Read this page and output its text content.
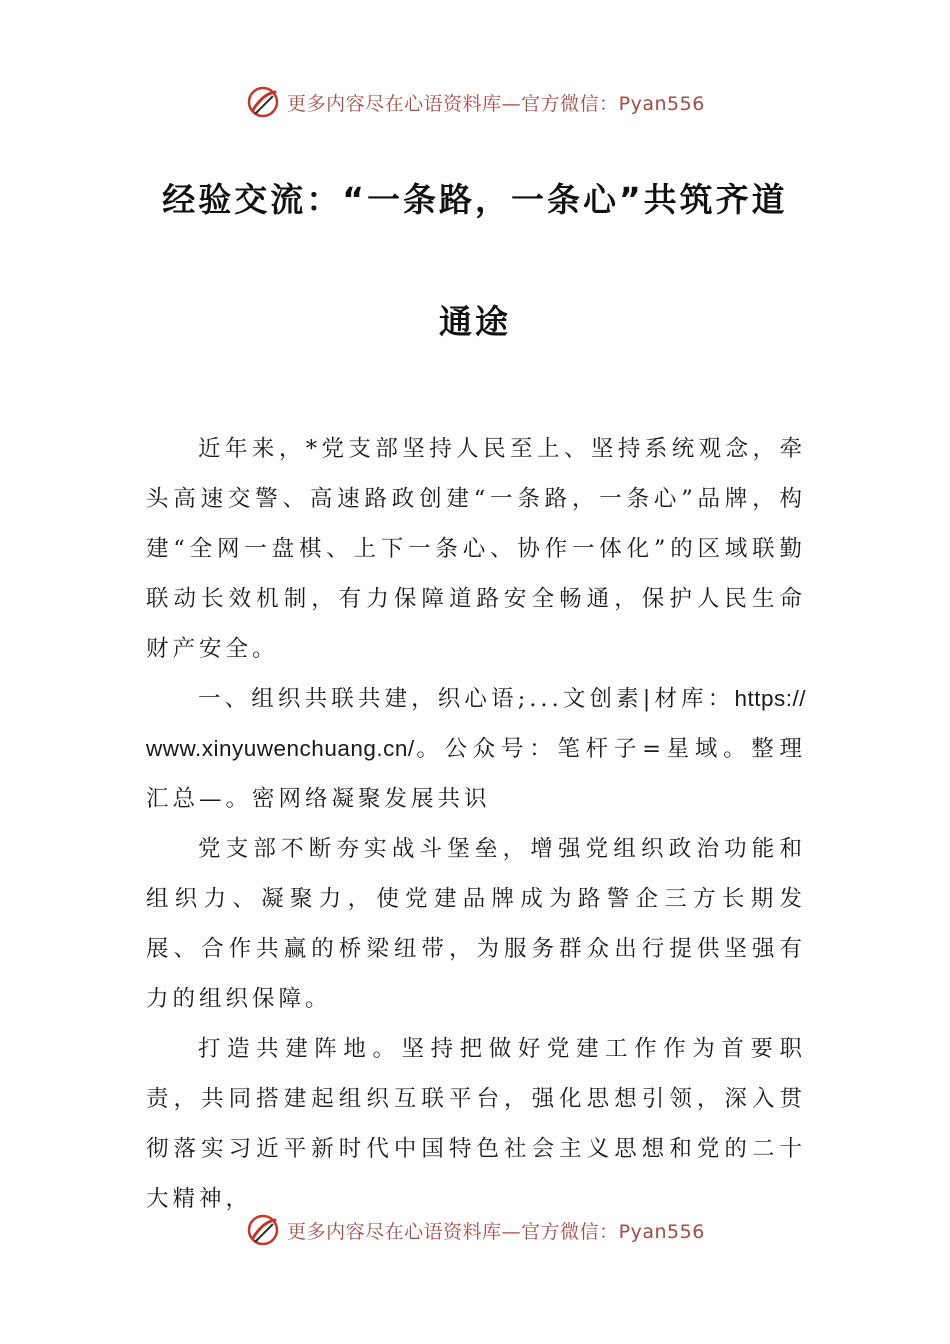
更多内容尽在心语资料库—官方微信：Pyan556
经验交流：“一条路，一条心”共筑齐道
通途

近年来，*党支部坚持人民至上、坚持系统观念，牵头高速交警、高速路政创建“一条路，一条心”品牌，构建“全网一盘棋、上下一条心、协作一体化”的区域联勤联动长效机制，有力保障道路安全畅通，保护人民生命财产安全。

一、组织共联共建，织心语;...文创素|材库：https://www.xinyuwenchuang.cn/。公众号：笔杆子=星域。整理汇总—。密网络凝聚发展共识

党支部不断夯实战斗堡垒，增强党组织政治功能和组织力、凝聚力，使党建品牌成为路警企三方长期发展、合作共赢的桥梁纽带，为服务群众出行提供坚强有力的组织保障。

打造共建阵地。坚持把做好党建工作作为首要职责，共同搭建起组织互联平台，强化思想引领，深入贯彻落实习近平新时代中国特色社会主义思想和党的二十大精神，

更多内容尽在心语资料库—官方微信：Pyan556
